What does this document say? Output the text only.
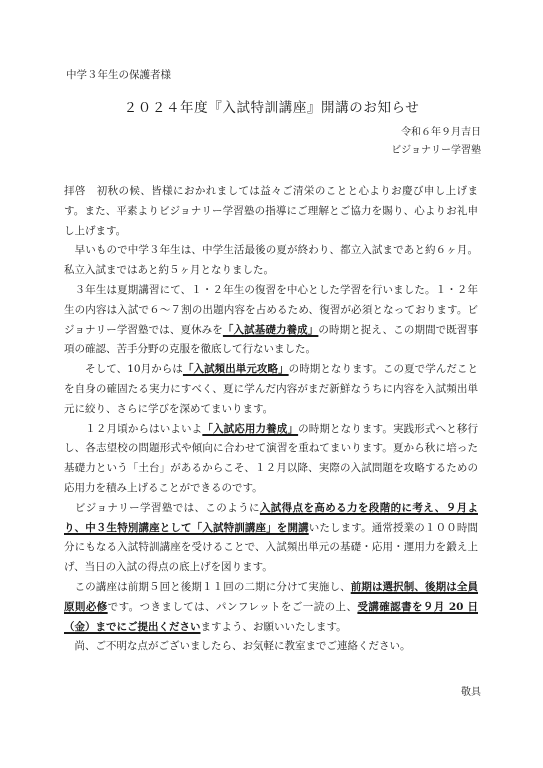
中学３年生の保護者様
２０２４年度『入試特訓講座』開講のお知らせ
令和６年９月吉日
ビジョナリー学習塾

拝啓　初秋の候、皆様におかれましては益々ご清栄のことと心よりお慶び申し上げます。また、平素よりビジョナリー学習塾の指導にご理解とご協力を賜り、心よりお礼申し上げます。

　早いもので中学３年生は、中学生活最後の夏が終わり、都立入試まであと約６ヶ月。私立入試まではあと約５ヶ月となりました。

　３年生は夏期講習にて、１・２年生の復習を中心とした学習を行いました。１・２年生の内容は入試で６～７割の出題内容を占めるため、復習が必須となっております。ビジョナリー学習塾では、夏休みを「入試基礎力養成」の時期と捉え、この期間で既習事項の確認、苦手分野の克服を徹底して行ないました。

　　そして、10月からは「入試頻出単元攻略」の時期となります。この夏で学んだことを自身の確固たる実力にすべく、夏に学んだ内容がまだ新鮮なうちに内容を入試頻出単元に絞り、さらに学びを深めてまいります。

　　１２月頃からはいよいよ「入試応用力養成」の時期となります。実践形式へと移行し、各志望校の問題形式や傾向に合わせて演習を重ねてまいります。夏から秋に培った基礎力という「土台」があるからこそ、１２月以降、実際の入試問題を攻略するための応用力を積み上げることができるのです。

　ビジョナリー学習塾では、このように入試得点を高める力を段階的に考え、９月より、中３生特別講座として「入試特訓講座」を開講いたします。通常授業の１００時間分にもなる入試特訓講座を受けることで、入試頻出単元の基礎・応用・運用力を鍛え上げ、当日の入試の得点の底上げを図ります。

　この講座は前期５回と後期１１回の二期に分けて実施し、前期は選択制、後期は全員原則必修です。つきましては、パンフレットをご一読の上、受講確認書を９月 20 日（金）までにご提出くださいますよう、お願いいたします。

　尚、ご不明な点がございましたら、お気軽に教室までご連絡ください。

敬具
